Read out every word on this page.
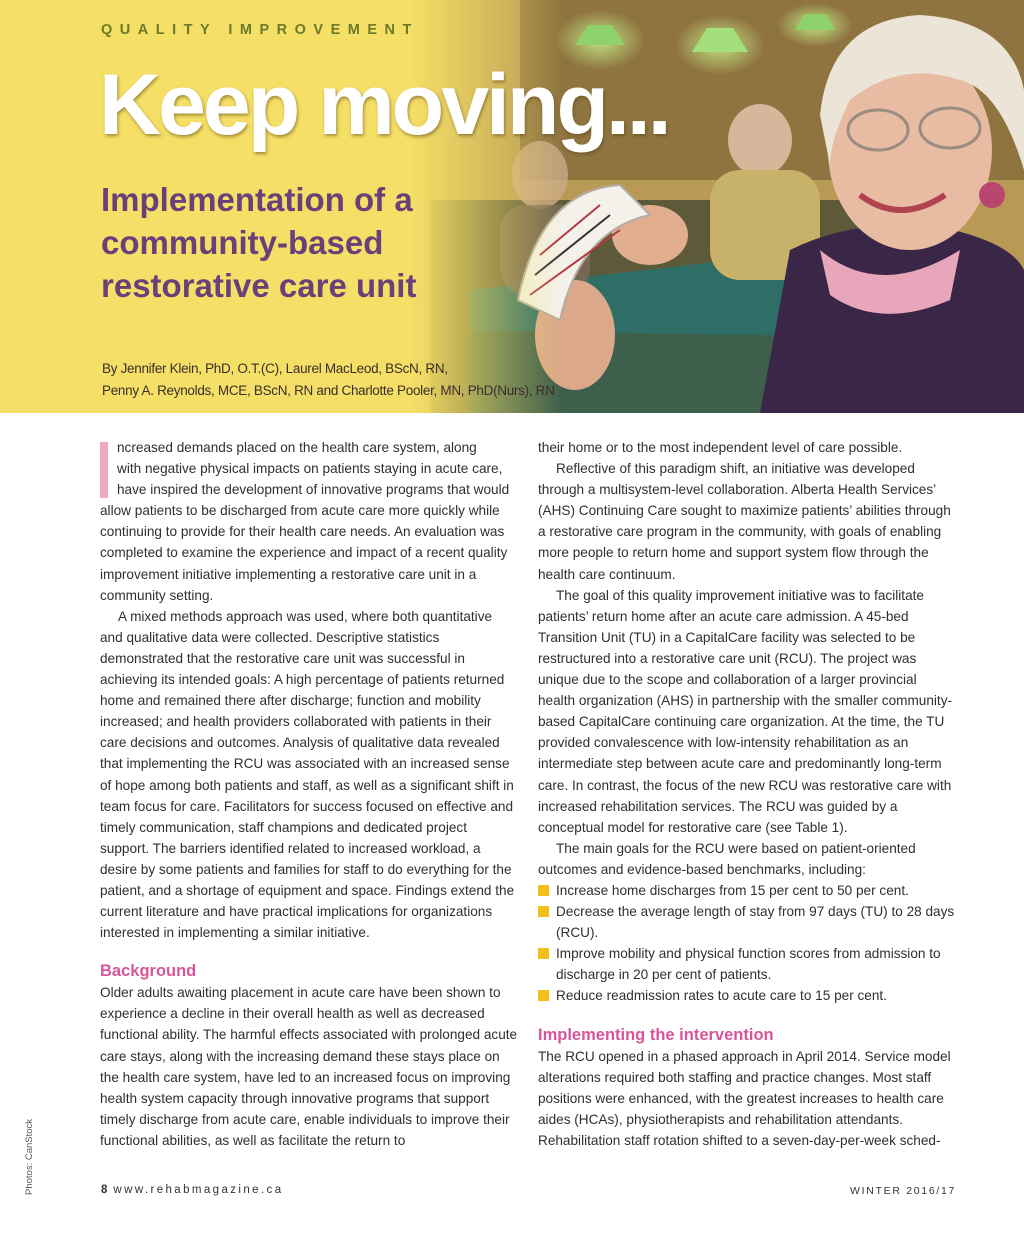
QUALITY IMPROVEMENT
Keep moving...
Implementation of a community-based restorative care unit
By Jennifer Klein, PhD, O.T.(C), Laurel MacLeod, BScN, RN,
Penny A. Reynolds, MCE, BScN, RN and Charlotte Pooler, MN, PhD(Nurs), RN

ncreased demands placed on the health care system, along
with negative physical impacts on patients staying in acute care,
have inspired the development of innovative programs that would
allow patients to be discharged from acute care more quickly while continuing to provide for their health care needs. An evaluation was completed to examine the experience and impact of a recent quality improvement initiative implementing a restorative care unit in a community setting.

A mixed methods approach was used, where both quantitative and qualitative data were collected. Descriptive statistics demonstrated that the restorative care unit was successful in achieving its intended goals: A high percentage of patients returned home and remained there after discharge; function and mobility increased; and health providers collaborated with patients in their care decisions and outcomes. Analysis of qualitative data revealed that implementing the RCU was associated with an increased sense of hope among both patients and staff, as well as a significant shift in team focus for care. Facilitators for success focused on effective and timely communication, staff champions and dedicated project support. The barriers identified related to increased workload, a desire by some patients and families for staff to do everything for the patient, and a shortage of equipment and space. Findings extend the current literature and have practical implications for organizations interested in implementing a similar initiative.

Background

Older adults awaiting placement in acute care have been shown to experience a decline in their overall health as well as decreased functional ability. The harmful effects associated with prolonged acute care stays, along with the increasing demand these stays place on the health care system, have led to an increased focus on improving health system capacity through innovative programs that support timely discharge from acute care, enable individuals to improve their functional abilities, as well as facilitate the return to

their home or to the most independent level of care possible.

Reflective of this paradigm shift, an initiative was developed through a multisystem-level collaboration. Alberta Health Services’ (AHS) Continuing Care sought to maximize patients’ abilities through a restorative care program in the community, with goals of enabling more people to return home and support system flow through the health care continuum.

The goal of this quality improvement initiative was to facilitate patients’ return home after an acute care admission. A 45-bed Transition Unit (TU) in a CapitalCare facility was selected to be restructured into a restorative care unit (RCU). The project was unique due to the scope and collaboration of a larger provincial health organization (AHS) in partnership with the smaller community-based CapitalCare continuing care organization. At the time, the TU provided convalescence with low-intensity rehabilitation as an intermediate step between acute care and predominantly long-term care. In contrast, the focus of the new RCU was restorative care with increased rehabilitation services. The RCU was guided by a conceptual model for restorative care (see Table 1).

The main goals for the RCU were based on patient-oriented outcomes and evidence-based benchmarks, including:

Increase home discharges from 15 per cent to 50 per cent.
Decrease the average length of stay from 97 days (TU) to 28 days (RCU).
Improve mobility and physical function scores from admission to discharge in 20 per cent of patients.
Reduce readmission rates to acute care to 15 per cent.
Implementing the intervention

The RCU opened in a phased approach in April 2014. Service model alterations required both staffing and practice changes. Most staff positions were enhanced, with the greatest increases to health care aides (HCAs), physiotherapists and rehabilitation attendants. Rehabilitation staff rotation shifted to a seven-day-per-week sched-

Photos: CanStock	8 www.rehabmagazine.ca	WINTER 2016/17
